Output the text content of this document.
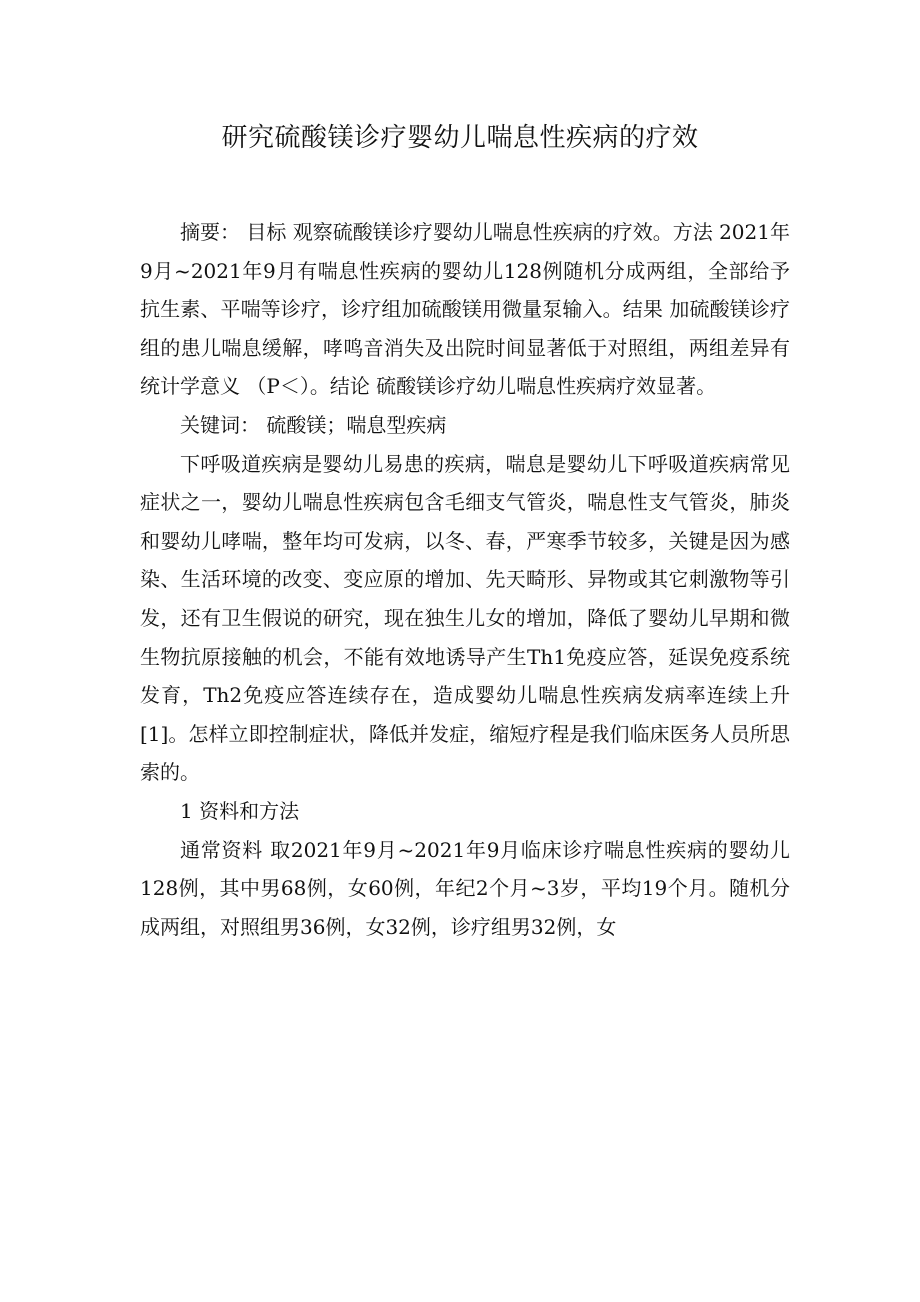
研究硫酸镁诊疗婴幼儿喘息性疾病的疗效

摘要： 目标 观察硫酸镁诊疗婴幼儿喘息性疾病的疗效。方法 2021年9月~2021年9月有喘息性疾病的婴幼儿128例随机分成两组，全部给予抗生素、平喘等诊疗，诊疗组加硫酸镁用微量泵输入。结果 加硫酸镁诊疗组的患儿喘息缓解，哮鸣音消失及出院时间显著低于对照组，两组差异有统计学意义 （P＜）。结论 硫酸镁诊疗幼儿喘息性疾病疗效显著。

关键词： 硫酸镁；喘息型疾病

下呼吸道疾病是婴幼儿易患的疾病，喘息是婴幼儿下呼吸道疾病常见症状之一，婴幼儿喘息性疾病包含毛细支气管炎，喘息性支气管炎，肺炎和婴幼儿哮喘，整年均可发病，以冬、春，严寒季节较多，关键是因为感染、生活环境的改变、变应原的增加、先天畸形、异物或其它刺激物等引发，还有卫生假说的研究，现在独生儿女的增加，降低了婴幼儿早期和微生物抗原接触的机会，不能有效地诱导产生Th1免疫应答，延误免疫系统发育，Th2免疫应答连续存在，造成婴幼儿喘息性疾病发病率连续上升 [1]。怎样立即控制症状，降低并发症，缩短疗程是我们临床医务人员所思索的。

1 资料和方法

通常资料 取2021年9月~2021年9月临床诊疗喘息性疾病的婴幼儿128例，其中男68例，女60例，年纪2个月~3岁，平均19个月。随机分成两组，对照组男36例，女32例，诊疗组男32例，女
